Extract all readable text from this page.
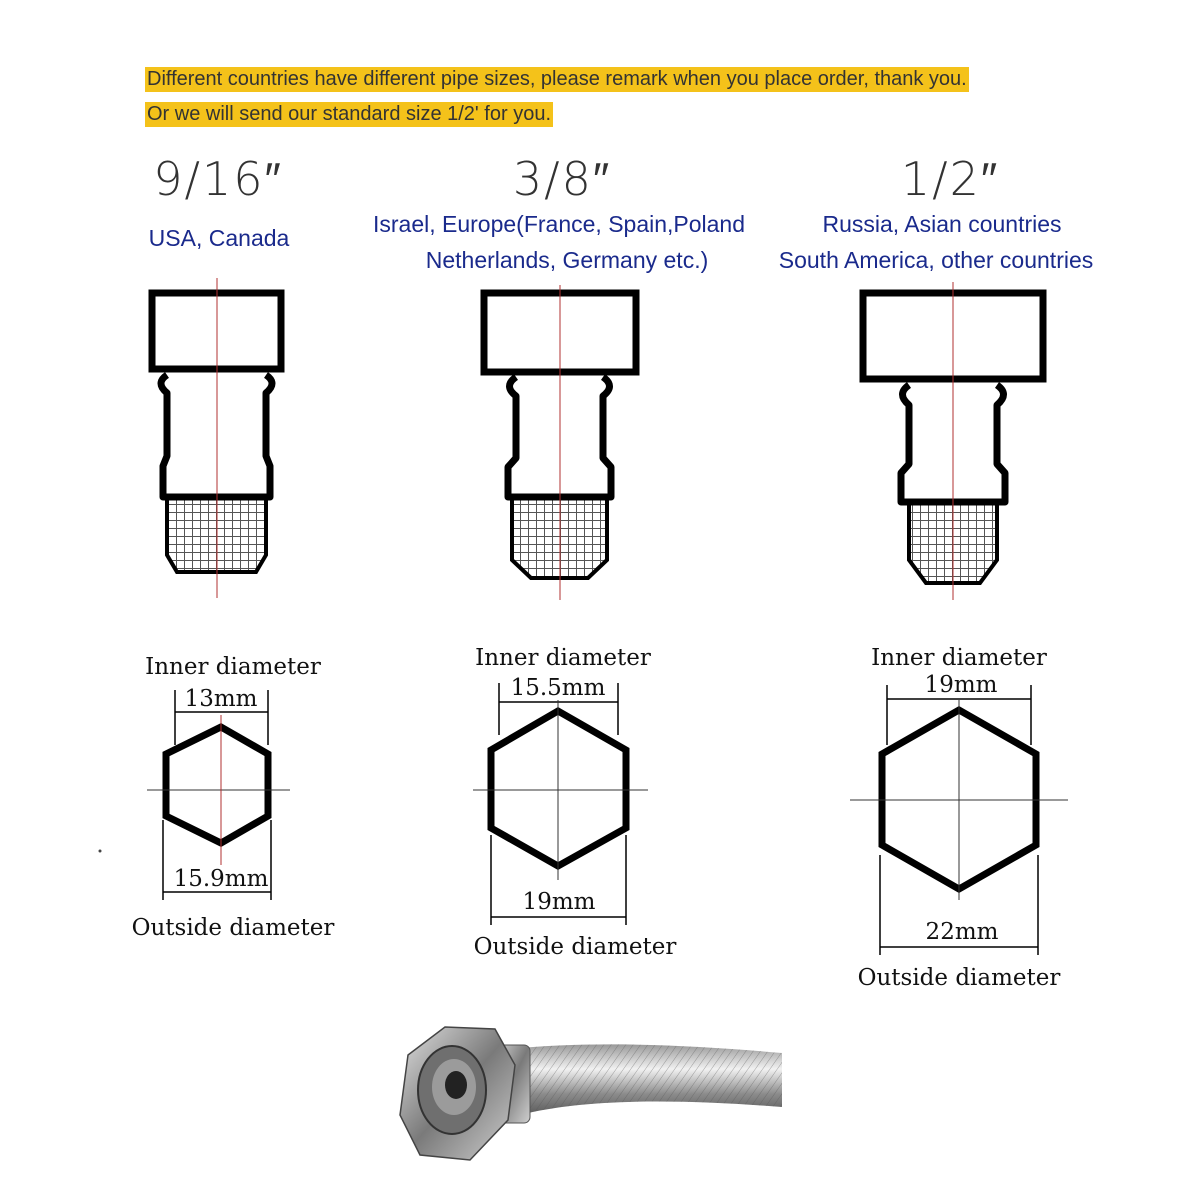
Different countries have different pipe sizes, please remark when you place order, thank you.
Or we will send our standard size 1/2' for you.
9/16″	3/8″	1/2″
USA, Canada
Israel, Europe(France, Spain,Poland
Netherlands, Germany etc.)
Russia, Asian countries
South America, other countries
Inner diameter
13mm
15.9mm
Outside diameter
Inner diameter
15.5mm
19mm
Outside diameter
Inner diameter
19mm
22mm
Outside diameter
